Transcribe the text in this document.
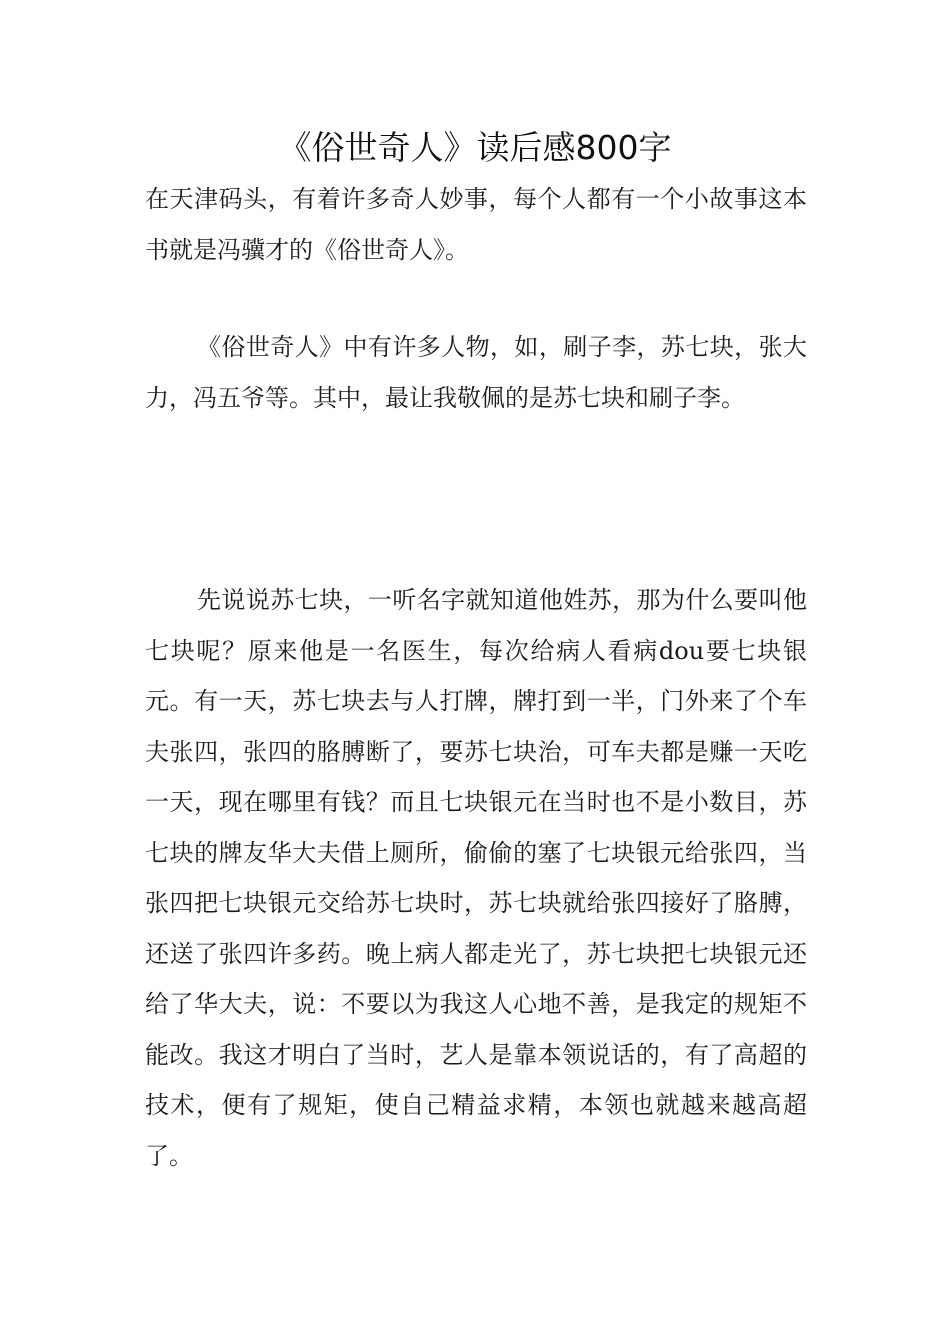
《俗世奇人》读后感800字

在天津码头，有着许多奇人妙事，每个人都有一个小故事这本书就是冯骥才的《俗世奇人》。

《俗世奇人》中有许多人物，如，刷子李，苏七块，张大力，冯五爷等。其中，最让我敬佩的是苏七块和刷子李。

先说说苏七块，一听名字就知道他姓苏，那为什么要叫他七块呢？原来他是一名医生，每次给病人看病dou要七块银元。有一天，苏七块去与人打牌，牌打到一半，门外来了个车夫张四，张四的胳膊断了，要苏七块治，可车夫都是赚一天吃一天，现在哪里有钱？而且七块银元在当时也不是小数目，苏七块的牌友华大夫借上厕所，偷偷的塞了七块银元给张四，当张四把七块银元交给苏七块时，苏七块就给张四接好了胳膊，还送了张四许多药。晚上病人都走光了，苏七块把七块银元还给了华大夫，说：不要以为我这人心地不善，是我定的规矩不能改。我这才明白了当时，艺人是靠本领说话的，有了高超的技术，便有了规矩，使自己精益求精，本领也就越来越高超了。
